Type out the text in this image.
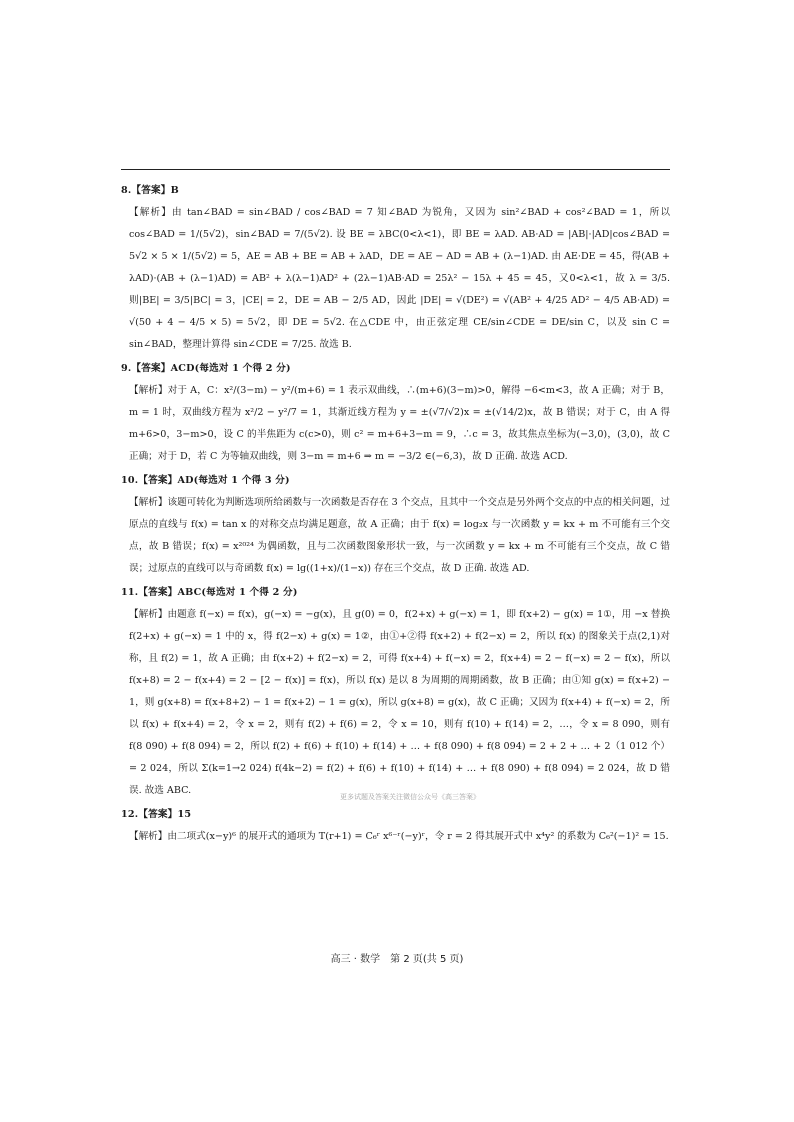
8.【答案】B

【解析】由 tan∠BAD = sin∠BAD / cos∠BAD = 7 知∠BAD 为锐角，又因为 sin²∠BAD + cos²∠BAD = 1，所以 cos∠BAD = 1/(5√2)，sin∠BAD = 7/(5√2). 设 BE = λBC(0<λ<1)，即 BE = λAD. AB·AD = |AB|·|AD|cos∠BAD = 5√2 × 5 × 1/(5√2) = 5，AE = AB + BE = AB + λAD，DE = AE − AD = AB + (λ−1)AD. 由 AE·DE = 45，得(AB + λAD)·(AB + (λ−1)AD) = AB² + λ(λ−1)AD² + (2λ−1)AB·AD = 25λ² − 15λ + 45 = 45，又0<λ<1，故 λ = 3/5. 则|BE| = 3/5|BC| = 3，|CE| = 2，DE = AB − 2/5 AD，因此 |DE| = √(DE²) = √(AB² + 4/25 AD² − 4/5 AB·AD) = √(50 + 4 − 4/5 × 5) = 5√2，即 DE = 5√2. 在△CDE 中，由正弦定理 CE/sin∠CDE = DE/sin C，以及 sin C = sin∠BAD，整理计算得 sin∠CDE = 7/25. 故选 B.

9.【答案】ACD(每选对 1 个得 2 分)

【解析】对于 A，C：x²/(3−m) − y²/(m+6) = 1 表示双曲线，∴(m+6)(3−m)>0，解得 −6<m<3，故 A 正确；对于 B，m = 1 时，双曲线方程为 x²/2 − y²/7 = 1，其渐近线方程为 y = ±(√7/√2)x = ±(√14/2)x，故 B 错误；对于 C，由 A 得 m+6>0，3−m>0，设 C 的半焦距为 c(c>0)，则 c² = m+6+3−m = 9，∴c = 3，故其焦点坐标为(−3,0)，(3,0)，故 C 正确；对于 D，若 C 为等轴双曲线，则 3−m = m+6 ⇒ m = −3/2 ∈(−6,3)，故 D 正确. 故选 ACD.

10.【答案】AD(每选对 1 个得 3 分)

【解析】该题可转化为判断选项所给函数与一次函数是否存在 3 个交点，且其中一个交点是另外两个交点的中点的相关问题，过原点的直线与 f(x) = tan x 的对称交点均满足题意，故 A 正确；由于 f(x) = log₂x 与一次函数 y = kx + m 不可能有三个交点，故 B 错误；f(x) = x²⁰²⁴ 为偶函数，且与二次函数图象形状一致，与一次函数 y = kx + m 不可能有三个交点，故 C 错误；过原点的直线可以与奇函数 f(x) = lg((1+x)/(1−x)) 存在三个交点，故 D 正确. 故选 AD.

11.【答案】ABC(每选对 1 个得 2 分)

【解析】由题意 f(−x) = f(x)，g(−x) = −g(x)，且 g(0) = 0，f(2+x) + g(−x) = 1，即 f(x+2) − g(x) = 1①，用 −x 替换 f(2+x) + g(−x) = 1 中的 x，得 f(2−x) + g(x) = 1②，由①+②得 f(x+2) + f(2−x) = 2，所以 f(x) 的图象关于点(2,1)对称，且 f(2) = 1，故 A 正确；由 f(x+2) + f(2−x) = 2，可得 f(x+4) + f(−x) = 2，f(x+4) = 2 − f(−x) = 2 − f(x)，所以 f(x+8) = 2 − f(x+4) = 2 − [2 − f(x)] = f(x)，所以 f(x) 是以 8 为周期的周期函数，故 B 正确；由①知 g(x) = f(x+2) − 1，则 g(x+8) = f(x+8+2) − 1 = f(x+2) − 1 = g(x)，所以 g(x+8) = g(x)，故 C 正确；又因为 f(x+4) + f(−x) = 2，所以 f(x) + f(x+4) = 2，令 x = 2，则有 f(2) + f(6) = 2，令 x = 10，则有 f(10) + f(14) = 2，…，令 x = 8 090，则有 f(8 090) + f(8 094) = 2，所以 f(2) + f(6) + f(10) + f(14) + … + f(8 090) + f(8 094) = 2 + 2 + … + 2（1 012 个）= 2 024，所以 Σ(k=1→2 024) f(4k−2) = f(2) + f(6) + f(10) + f(14) + … + f(8 090) + f(8 094) = 2 024，故 D 错误. 故选 ABC.

12.【答案】15

【解析】由二项式(x−y)⁶ 的展开式的通项为 T(r+1) = C₆ʳ x⁶⁻ʳ(−y)ʳ，令 r = 2 得其展开式中 x⁴y² 的系数为 C₆²(−1)² = 15.

更多试题及答案关注微信公众号《高三答案》
高三 · 数学　第 2 页(共 5 页)
